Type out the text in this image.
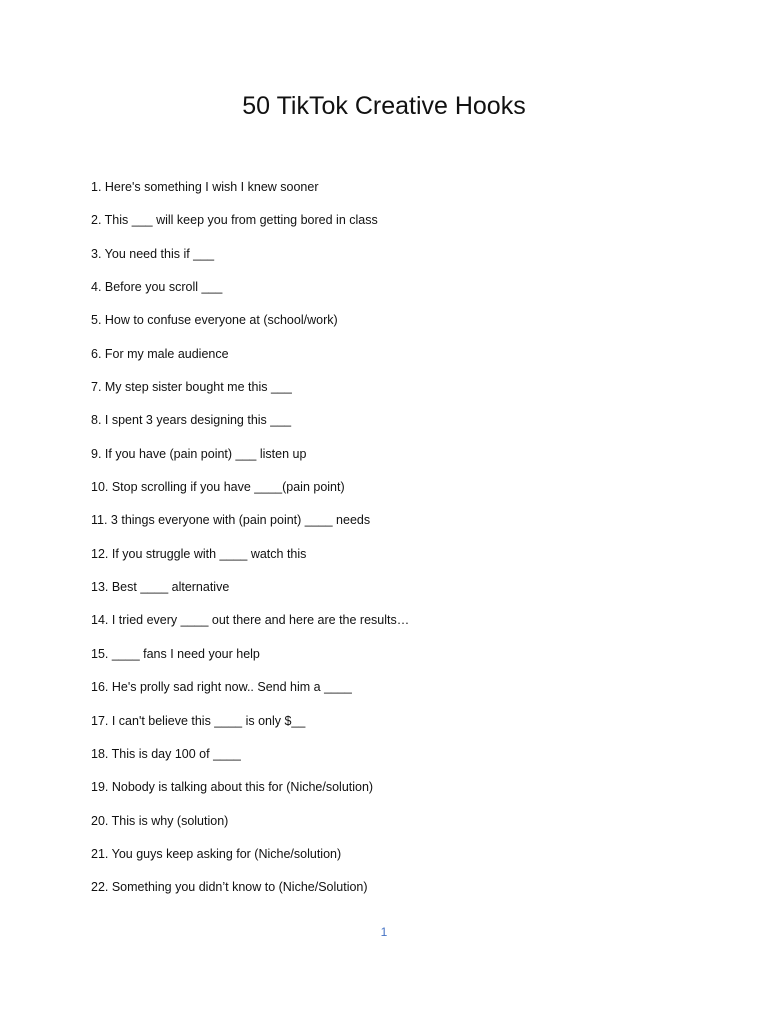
50 TikTok Creative Hooks
1. Here's something I wish I knew sooner
2. This ___ will keep you from getting bored in class
3. You need this if ___
4. Before you scroll ___
5. How to confuse everyone at (school/work)
6. For my male audience
7. My step sister bought me this ___
8. I spent 3 years designing this ___
9. If you have (pain point) ___ listen up
10. Stop scrolling if you have ____(pain point)
11. 3 things everyone with (pain point) ____ needs
12. If you struggle with ____ watch this
13. Best ____ alternative
14. I tried every ____ out there and here are the results…
15. ____ fans I need your help
16. He's prolly sad right now.. Send him a ____
17. I can't believe this ____ is only $__
18. This is day 100 of ____
19. Nobody is talking about this for (Niche/solution)
20. This is why (solution)
21. You guys keep asking for (Niche/solution)
22. Something you didn’t know to (Niche/Solution)
1
